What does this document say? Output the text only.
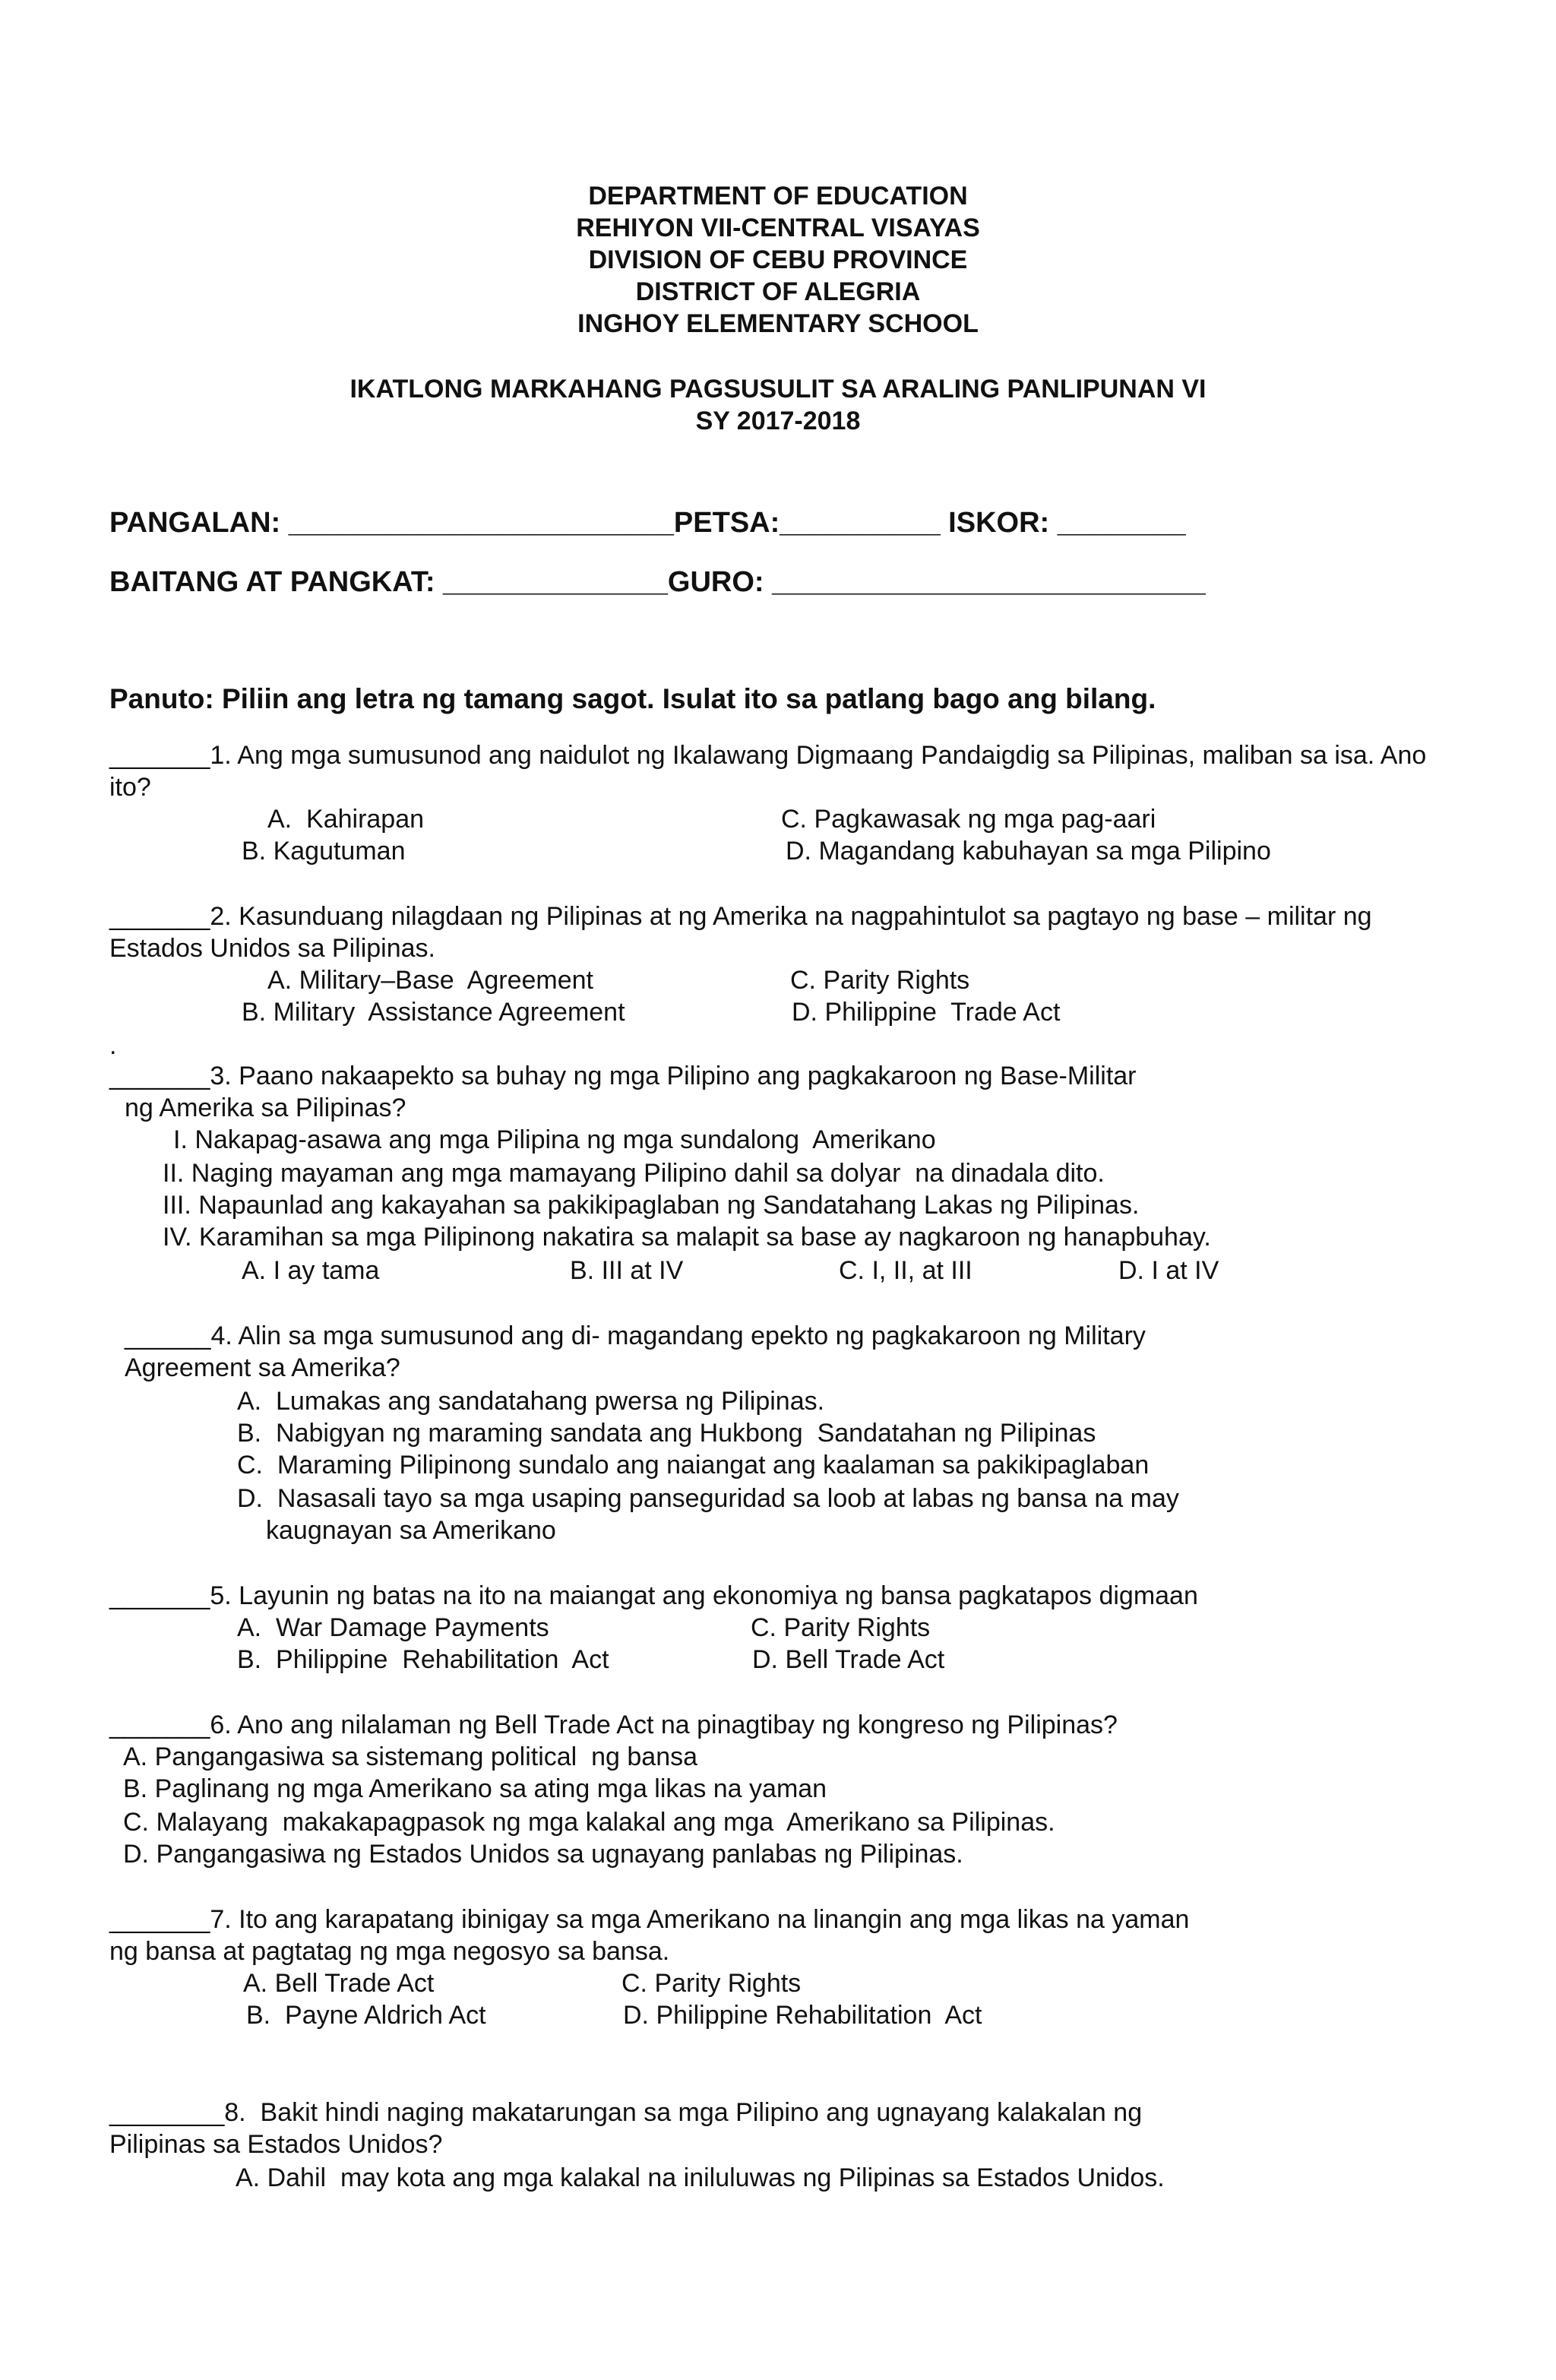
DEPARTMENT OF EDUCATION
REHIYON VII-CENTRAL VISAYAS
DIVISION OF CEBU PROVINCE
DISTRICT OF ALEGRIA
INGHOY ELEMENTARY SCHOOL
IKATLONG MARKAHANG PAGSUSULIT SA ARALING PANLIPUNAN VI
SY 2017-2018
PANGALAN: ________________________PETSA:__________ ISKOR: ________
BAITANG AT PANGKAT: ______________GURO: ___________________________
Panuto: Piliin ang letra ng tamang sagot. Isulat ito sa patlang bago ang bilang.
_______1. Ang mga sumusunod ang naidulot ng Ikalawang Digmaang Pandaigdig sa Pilipinas, maliban sa isa. Ano
ito?
A.  Kahirapan	C. Pagkawasak ng mga pag-aari
B. Kagutuman	D. Magandang kabuhayan sa mga Pilipino
_______2. Kasunduang nilagdaan ng Pilipinas at ng Amerika na nagpahintulot sa pagtayo ng base – militar ng
Estados Unidos sa Pilipinas.
A. Military–Base  Agreement	C. Parity Rights
B. Military  Assistance Agreement	D. Philippine  Trade Act
.
_______3. Paano nakaapekto sa buhay ng mga Pilipino ang pagkakaroon ng Base-Militar
ng Amerika sa Pilipinas?
I. Nakapag-asawa ang mga Pilipina ng mga sundalong  Amerikano
II. Naging mayaman ang mga mamayang Pilipino dahil sa dolyar  na dinadala dito.
III. Napaunlad ang kakayahan sa pakikipaglaban ng Sandatahang Lakas ng Pilipinas.
IV. Karamihan sa mga Pilipinong nakatira sa malapit sa base ay nagkaroon ng hanapbuhay.
A. I ay tama	B. III at IV	C. I, II, at III	D. I at IV
______4. Alin sa mga sumusunod ang di- magandang epekto ng pagkakaroon ng Military
Agreement sa Amerika?
A.  Lumakas ang sandatahang pwersa ng Pilipinas.
B.  Nabigyan ng maraming sandata ang Hukbong  Sandatahan ng Pilipinas
C.  Maraming Pilipinong sundalo ang naiangat ang kaalaman sa pakikipaglaban
D.  Nasasali tayo sa mga usaping panseguridad sa loob at labas ng bansa na may
kaugnayan sa Amerikano
_______5. Layunin ng batas na ito na maiangat ang ekonomiya ng bansa pagkatapos digmaan
A.  War Damage Payments	C. Parity Rights
B.  Philippine  Rehabilitation  Act	D. Bell Trade Act
_______6. Ano ang nilalaman ng Bell Trade Act na pinagtibay ng kongreso ng Pilipinas?
A. Pangangasiwa sa sistemang political  ng bansa
B. Paglinang ng mga Amerikano sa ating mga likas na yaman
C. Malayang  makakapagpasok ng mga kalakal ang mga  Amerikano sa Pilipinas.
D. Pangangasiwa ng Estados Unidos sa ugnayang panlabas ng Pilipinas.
_______7. Ito ang karapatang ibinigay sa mga Amerikano na linangin ang mga likas na yaman
ng bansa at pagtatag ng mga negosyo sa bansa.
A. Bell Trade Act	C. Parity Rights
B.  Payne Aldrich Act	D. Philippine Rehabilitation  Act
________8.  Bakit hindi naging makatarungan sa mga Pilipino ang ugnayang kalakalan ng
Pilipinas sa Estados Unidos?
A. Dahil  may kota ang mga kalakal na iniluluwas ng Pilipinas sa Estados Unidos.
